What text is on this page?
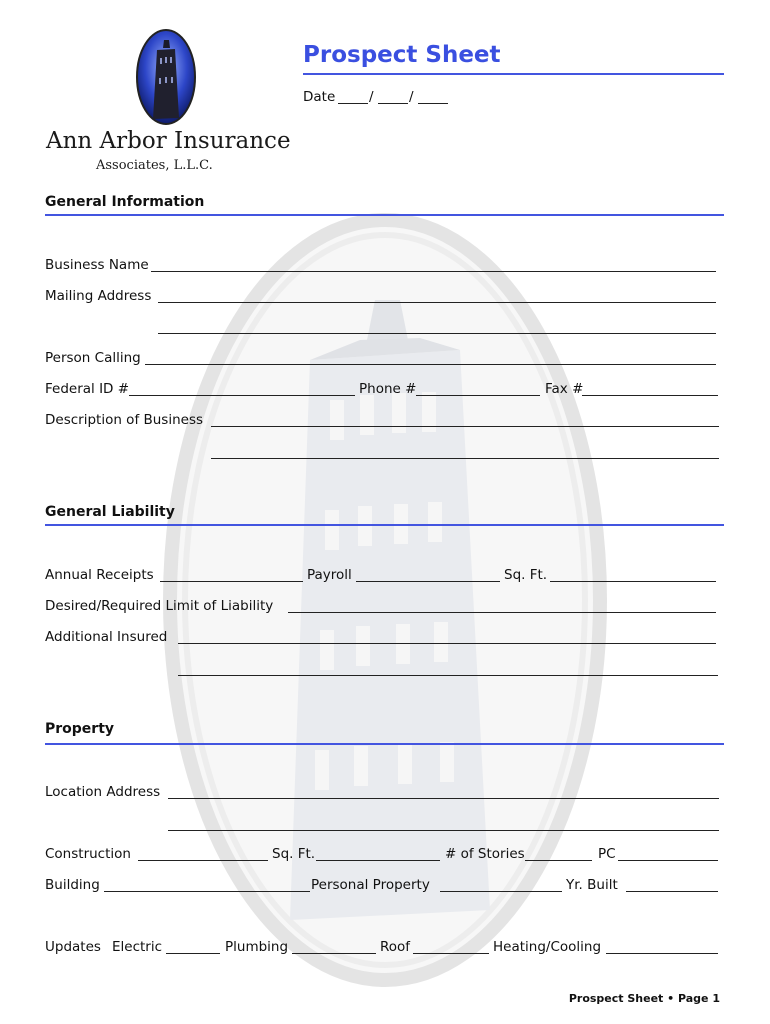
Ann Arbor Insurance
Associates, L.L.C.
Prospect Sheet
Date /	/
General Information
Business Name
Mailing Address
Person Calling
Federal ID #	Phone #	Fax #
Description of Business
General Liability
Annual Receipts	Payroll	Sq. Ft.
Desired/Required Limit of Liability
Additional Insured
Property
Location Address
Construction	Sq. Ft.	# of Stories	PC
Building	Personal Property	Yr. Built
Updates Electric	Plumbing	Roof	Heating/Cooling
Prospect Sheet • Page 1
